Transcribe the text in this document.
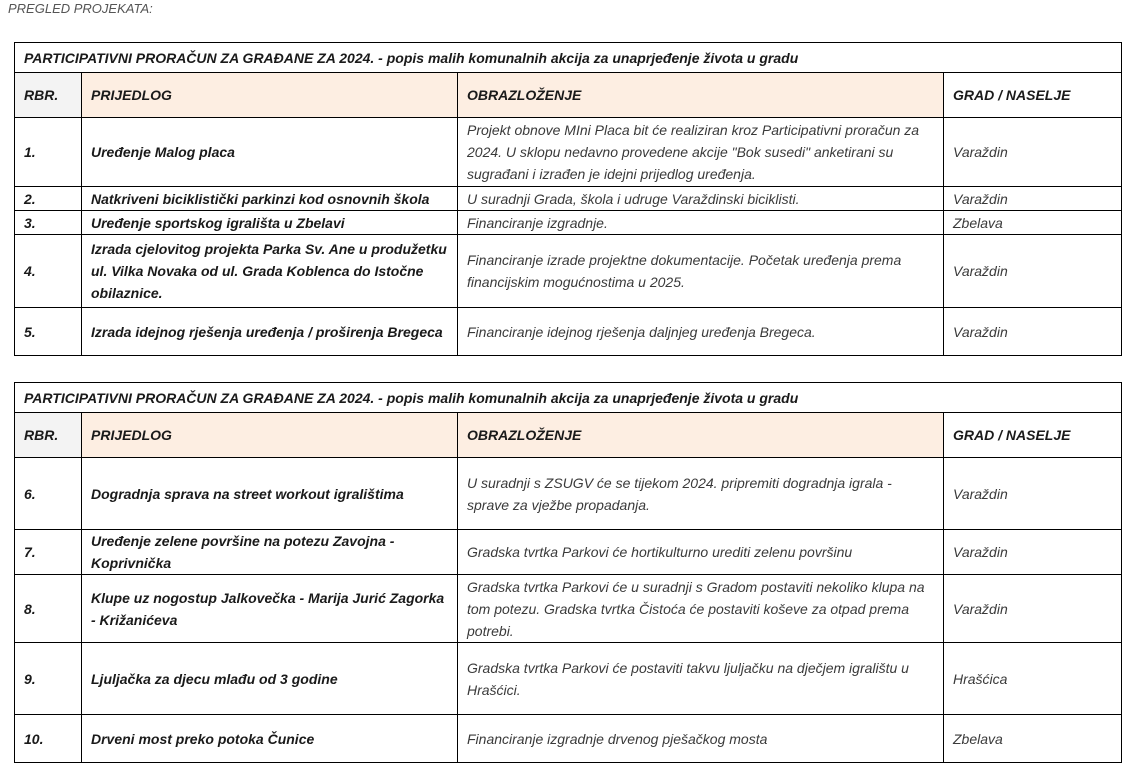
PREGLED PROJEKATA:
PARTICIPATIVNI PRORAČUN ZA GRAĐANE ZA 2024. - popis malih komunalnih akcija za unaprjeđenje života u gradu			
RBR.	PRIJEDLOG	OBRAZLOŽENJE	GRAD / NASELJE
1.	Uređenje Malog placa	Projekt obnove MIni Placa bit će realiziran kroz Participativni proračun za 2024. U sklopu nedavno provedene akcije "Bok susedi" anketirani su sugrađani i izrađen je idejni prijedlog uređenja.	Varaždin
2.	Natkriveni biciklistički parkinzi kod osnovnih škola	U suradnji Grada, škola i udruge Varaždinski biciklisti.	Varaždin
3.	Uređenje sportskog igrališta u Zbelavi	Financiranje izgradnje.	Zbelava
4.	Izrada cjelovitog projekta Parka Sv. Ane u produžetku ul. Vilka Novaka od ul. Grada Koblenca do Istočne obilaznice.	Financiranje izrade projektne dokumentacije. Početak uređenja prema financijskim mogućnostima u 2025.	Varaždin
5.	Izrada idejnog rješenja uređenja / proširenja Bregeca	Financiranje idejnog rješenja daljnjeg uređenja Bregeca.	Varaždin
PARTICIPATIVNI PRORAČUN ZA GRAĐANE ZA 2024. - popis malih komunalnih akcija za unaprjeđenje života u gradu			
RBR.	PRIJEDLOG	OBRAZLOŽENJE	GRAD / NASELJE
6.	Dogradnja sprava na street workout igralištima	U suradnji s ZSUGV će se tijekom 2024. pripremiti dogradnja igrala - sprave za vježbe propadanja.	Varaždin
7.	Uređenje zelene površine na potezu Zavojna - Koprivnička	Gradska tvrtka Parkovi će hortikulturno urediti zelenu površinu	Varaždin
8.	Klupe uz nogostup Jalkovečka - Marija Jurić Zagorka - Križanićeva	Gradska tvrtka Parkovi će u suradnji s Gradom postaviti nekoliko klupa na tom potezu. Gradska tvrtka Čistoća će postaviti koševe za otpad prema potrebi.	Varaždin
9.	Ljuljačka za djecu mlađu od 3 godine	Gradska tvrtka Parkovi će postaviti takvu ljuljačku na dječjem igralištu u Hrašćici.	Hrašćica
10.	Drveni most preko potoka Čunice	Financiranje izgradnje drvenog pješačkog mosta	Zbelava
